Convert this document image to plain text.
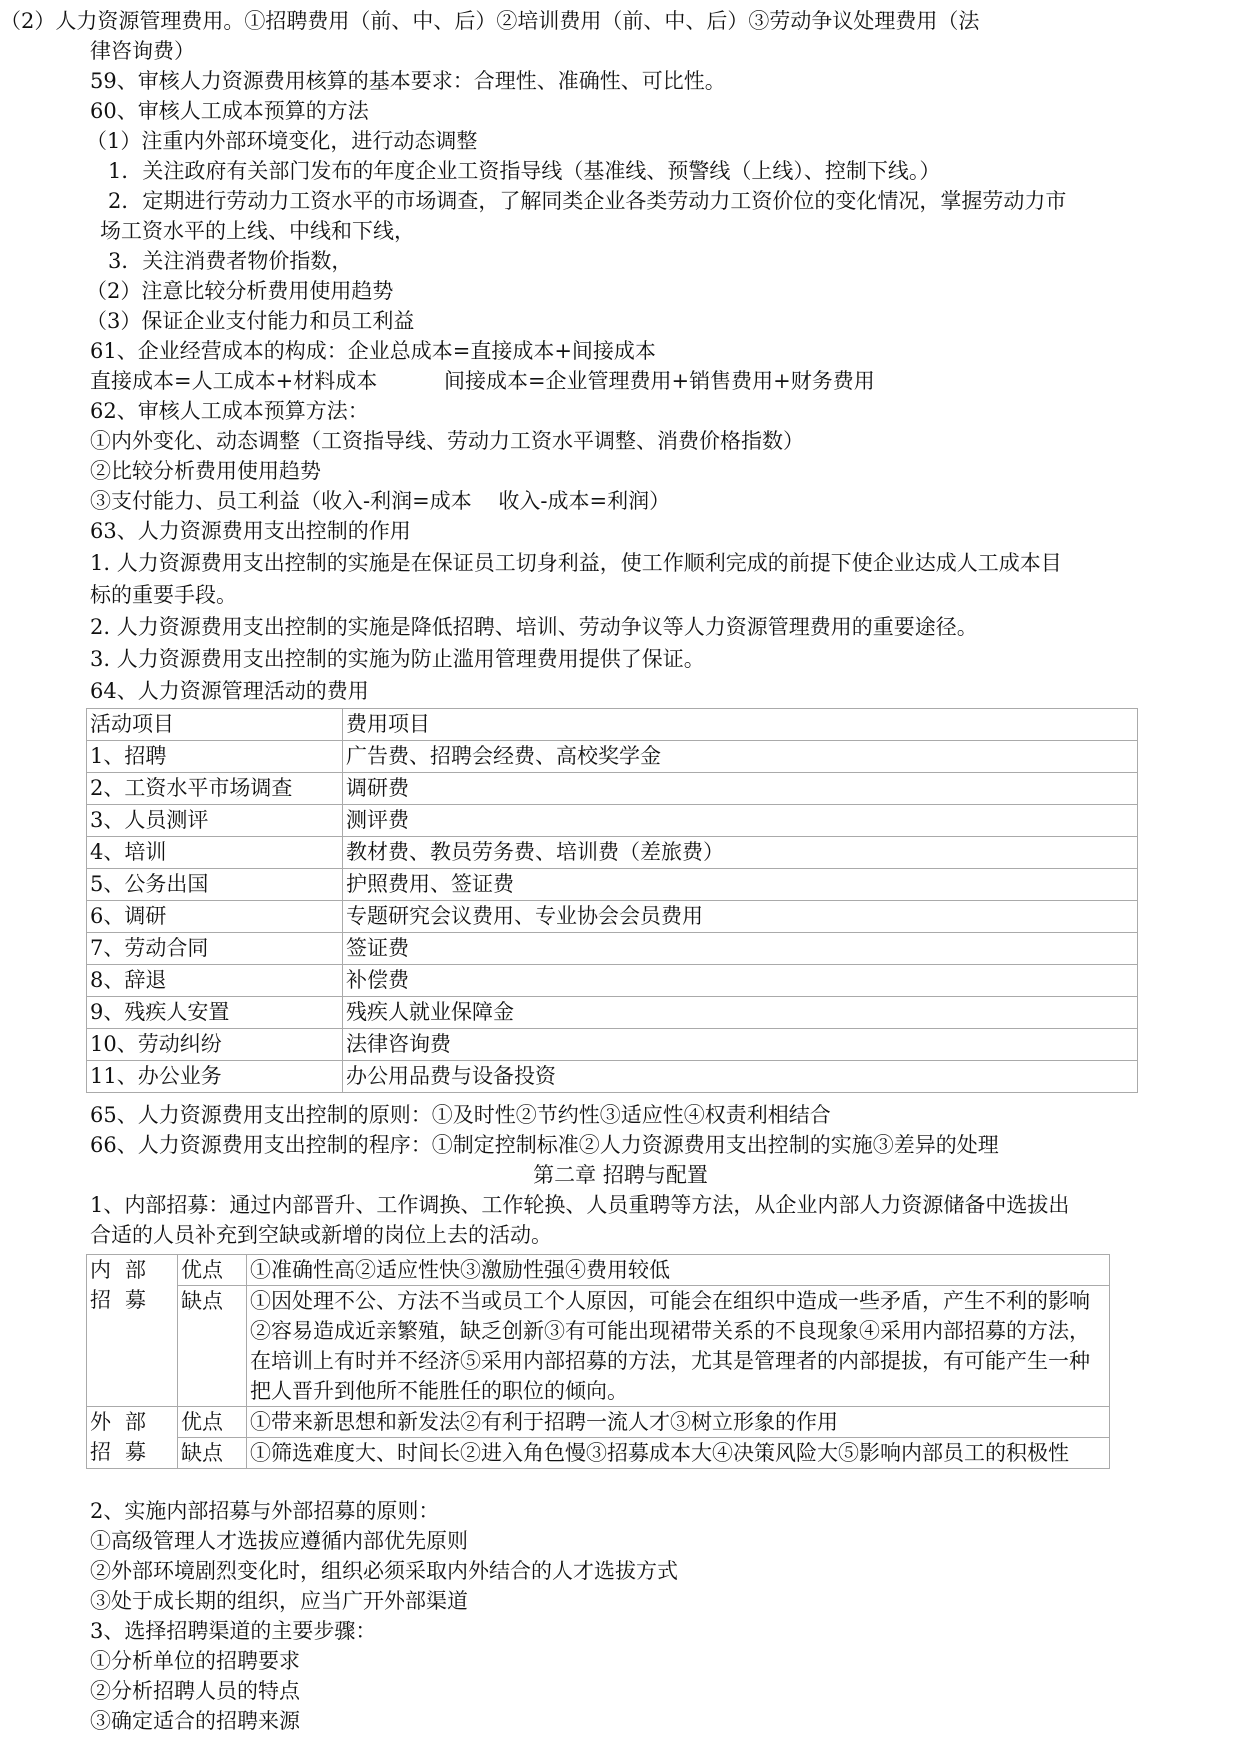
（2）人力资源管理费用。①招聘费用（前、中、后）②培训费用（前、中、后）③劳动争议处理费用（法
律咨询费）
59、审核人力资源费用核算的基本要求：合理性、准确性、可比性。
60、审核人工成本预算的方法
（1）注重内外部环境变化，进行动态调整
1．关注政府有关部门发布的年度企业工资指导线（基准线、预警线（上线）、控制下线。）
2．定期进行劳动力工资水平的市场调查，了解同类企业各类劳动力工资价位的变化情况，掌握劳动力市
场工资水平的上线、中线和下线，
3．关注消费者物价指数，
（2）注意比较分析费用使用趋势
（3）保证企业支付能力和员工利益
61、企业经营成本的构成：企业总成本=直接成本+间接成本
直接成本=人工成本+材料成本          间接成本=企业管理费用+销售费用+财务费用
62、审核人工成本预算方法：
①内外变化、动态调整（工资指导线、劳动力工资水平调整、消费价格指数）
②比较分析费用使用趋势
③支付能力、员工利益（收入-利润=成本    收入-成本=利润）
63、人力资源费用支出控制的作用
1. 人力资源费用支出控制的实施是在保证员工切身利益，使工作顺利完成的前提下使企业达成人工成本目
标的重要手段。
2. 人力资源费用支出控制的实施是降低招聘、培训、劳动争议等人力资源管理费用的重要途径。
3. 人力资源费用支出控制的实施为防止滥用管理费用提供了保证。
64、人力资源管理活动的费用
活动项目	费用项目
1、招聘	广告费、招聘会经费、高校奖学金
2、工资水平市场调查	调研费
3、人员测评	测评费
4、培训	教材费、教员劳务费、培训费（差旅费）
5、公务出国	护照费用、签证费
6、调研	专题研究会议费用、专业协会会员费用
7、劳动合同	签证费
8、辞退	补偿费
9、残疾人安置	残疾人就业保障金
10、劳动纠纷	法律咨询费
11、办公业务	办公用品费与设备投资
65、人力资源费用支出控制的原则：①及时性②节约性③适应性④权责利相结合
66、人力资源费用支出控制的程序：①制定控制标准②人力资源费用支出控制的实施③差异的处理
第二章 招聘与配置
1、内部招募：通过内部晋升、工作调换、工作轮换、人员重聘等方法，从企业内部人力资源储备中选拔出
合适的人员补充到空缺或新增的岗位上去的活动。
内部招募	优点	①准确性高②适应性快③激励性强④费用较低
	缺点	①因处理不公、方法不当或员工个人原因，可能会在组织中造成一些矛盾，产生不利的影响②容易造成近亲繁殖，缺乏创新③有可能出现裙带关系的不良现象④采用内部招募的方法，在培训上有时并不经济⑤采用内部招募的方法，尤其是管理者的内部提拔，有可能产生一种把人晋升到他所不能胜任的职位的倾向。
外部招募	优点	①带来新思想和新发法②有利于招聘一流人才③树立形象的作用
	缺点	①筛选难度大、时间长②进入角色慢③招募成本大④决策风险大⑤影响内部员工的积极性
2、实施内部招募与外部招募的原则：
①高级管理人才选拔应遵循内部优先原则
②外部环境剧烈变化时，组织必须采取内外结合的人才选拔方式
③处于成长期的组织，应当广开外部渠道
3、选择招聘渠道的主要步骤：
①分析单位的招聘要求
②分析招聘人员的特点
③确定适合的招聘来源
